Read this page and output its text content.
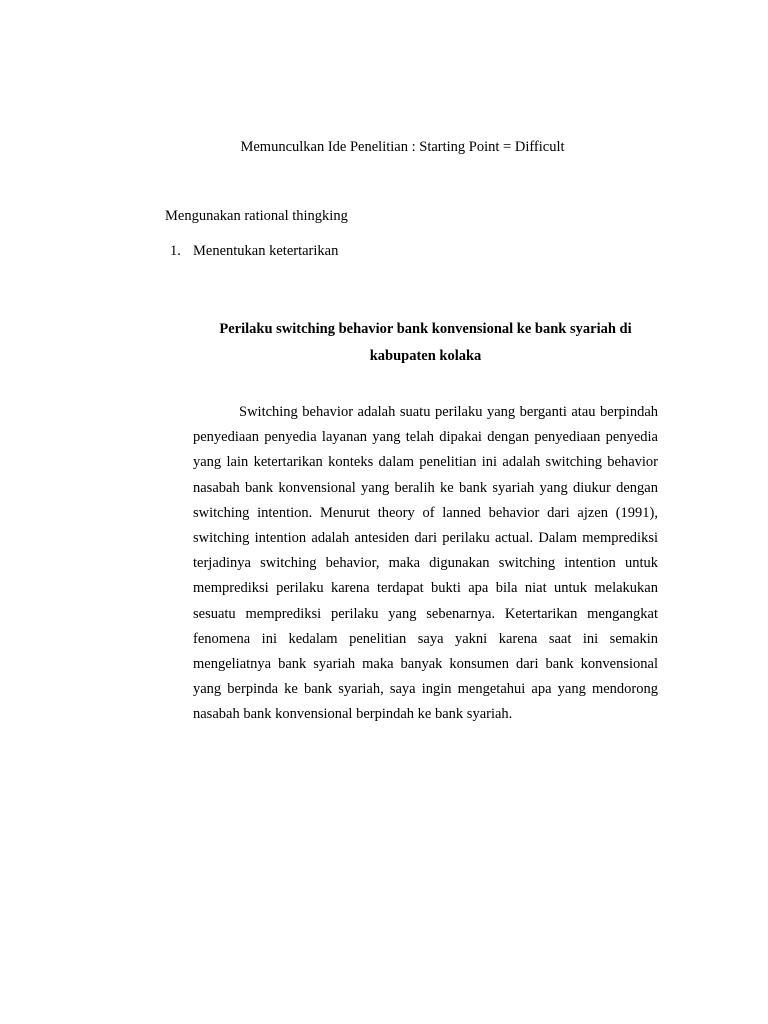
Memunculkan Ide Penelitian : Starting Point = Difficult
Mengunakan rational thingking
1. Menentukan ketertarikan
Perilaku switching behavior bank konvensional ke bank syariah di kabupaten kolaka

Switching behavior adalah suatu perilaku yang berganti atau berpindah penyediaan penyedia layanan yang telah dipakai dengan penyediaan penyedia yang lain ketertarikan konteks dalam penelitian ini adalah switching behavior nasabah bank konvensional yang beralih ke bank syariah yang diukur dengan switching intention. Menurut theory of lanned behavior dari ajzen (1991), switching intention adalah antesiden dari perilaku actual. Dalam memprediksi terjadinya switching behavior, maka digunakan switching intention untuk memprediksi perilaku karena terdapat bukti apa bila niat untuk melakukan sesuatu memprediksi perilaku yang sebenarnya. Ketertarikan mengangkat fenomena ini kedalam penelitian saya yakni karena saat ini semakin mengeliatnya bank syariah maka banyak konsumen dari bank konvensional yang berpinda ke bank syariah, saya ingin mengetahui apa yang mendorong nasabah bank konvensional berpindah ke bank syariah.
